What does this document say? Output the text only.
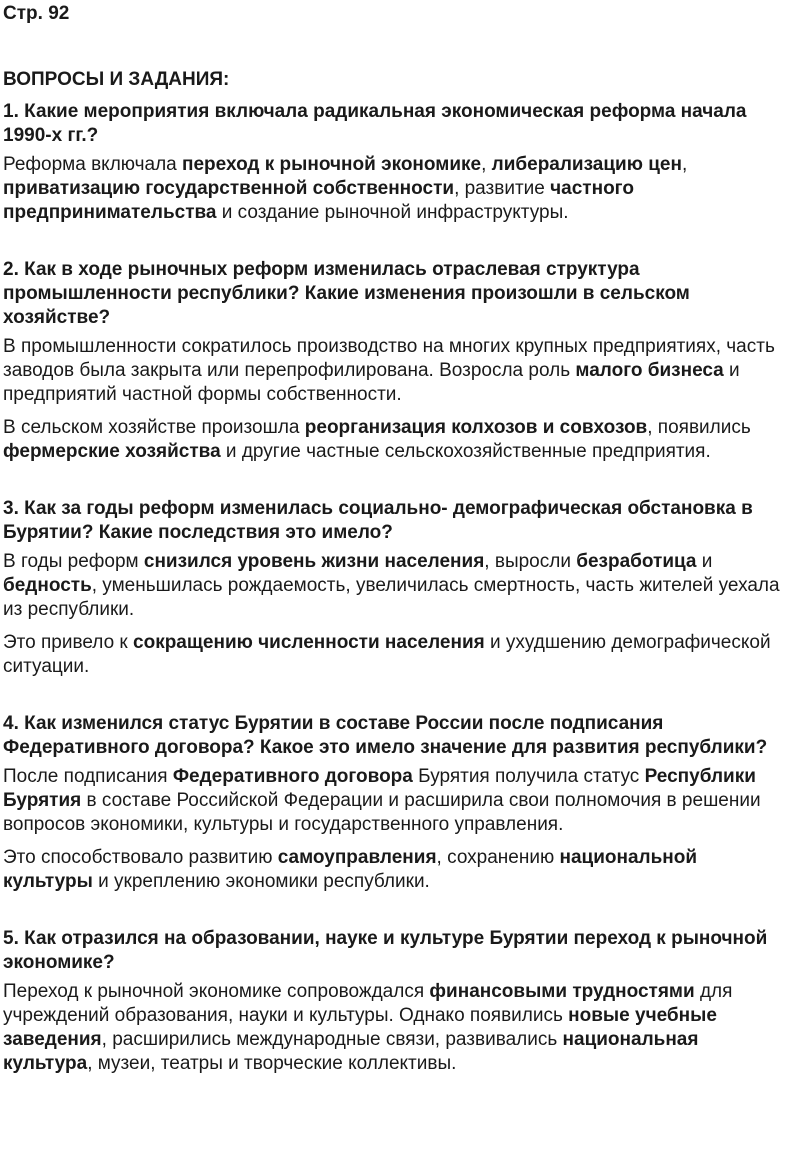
Стр. 92
ВОПРОСЫ И ЗАДАНИЯ:
1. Какие мероприятия включала радикальная экономическая реформа начала 1990-х гг.?
Реформа включала переход к рыночной экономике, либерализацию цен, приватизацию государственной собственности, развитие частного предпринимательства и создание рыночной инфраструктуры.
2. Как в ходе рыночных реформ изменилась отраслевая структура промышленности республики? Какие изменения произошли в сельском хозяйстве?
В промышленности сократилось производство на многих крупных предприятиях, часть заводов была закрыта или перепрофилирована. Возросла роль малого бизнеса и предприятий частной формы собственности.
В сельском хозяйстве произошла реорганизация колхозов и совхозов, появились фермерские хозяйства и другие частные сельскохозяйственные предприятия.
3. Как за годы реформ изменилась социально- демографическая обстановка в Бурятии? Какие последствия это имело?
В годы реформ снизился уровень жизни населения, выросли безработица и бедность, уменьшилась рождаемость, увеличилась смертность, часть жителей уехала из республики.
Это привело к сокращению численности населения и ухудшению демографической ситуации.
4. Как изменился статус Бурятии в составе России после подписания Федеративного договора? Какое это имело значение для развития республики?
После подписания Федеративного договора Бурятия получила статус Республики Бурятия в составе Российской Федерации и расширила свои полномочия в решении вопросов экономики, культуры и государственного управления.
Это способствовало развитию самоуправления, сохранению национальной культуры и укреплению экономики республики.
5. Как отразился на образовании, науке и культуре Бурятии переход к рыночной экономике?
Переход к рыночной экономике сопровождался финансовыми трудностями для учреждений образования, науки и культуры. Однако появились новые учебные заведения, расширились международные связи, развивались национальная культура, музеи, театры и творческие коллективы.
